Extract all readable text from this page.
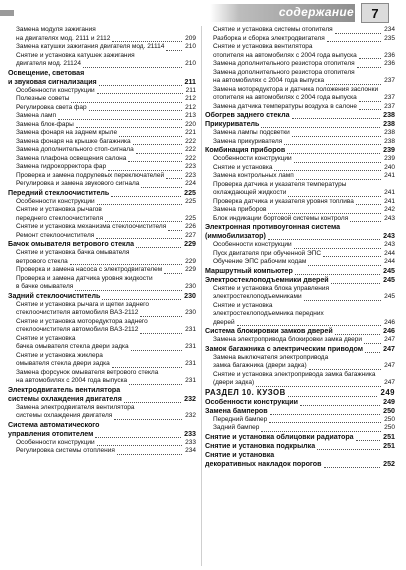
содержание	7
Замена модуля зажигания
на двигателях мод. 2111 и 2112	209
Замена катушки зажигания двигателя мод. 21114	210
Снятие и установка катушек зажигания
двигателя мод. 21124	210
Освещение, световая
и звуковая сигнализация	211
Особенности конструкции	211
Полезные советы	212
Регулировка света фар	212
Замена ламп	213
Замена блок-фары	220
Замена фонаря на заднем крыле	221
Замена фонаря на крышке багажника	222
Замена дополнительного стоп-сигнала	222
Замена плафона освещения салона	222
Замена гидрокорректора фар	223
Проверка и замена подрулевых переключателей	223
Регулировка и замена звукового сигнала	224
Передний стеклоочиститель	225
Особенности конструкции	225
Снятие и установка рычагов
переднего стеклоочистителя	225
Снятие и установка механизма стеклоочистителя	226
Ремонт стеклоочистителя	227
Бачок омывателя ветрового стекла	229
Снятие и установка бачка омывателя
ветрового стекла	229
Проверка и замена насоса с электродвигателем	229
Проверка и замена датчика уровня жидкости
в бачке омывателя	230
Задний стеклоочиститель	230
Снятие и установка рычага и щетки заднего
стеклоочистителя автомобиля ВАЗ-2112	230
Снятие и установка моторедуктора заднего
стеклоочистителя автомобиля ВАЗ-2112	231
Снятие и установка
бачка омывателя стекла двери задка	231
Снятие и установка жиклера
омывателя стекла двери задка	231
Замена форсунок омывателя ветрового стекла
на автомобилях с 2004 года выпуска	231
Электродвигатель вентилятора
системы охлаждения двигателя	232
Замена электродвигателя вентилятора
системы охлаждения двигателя	232
Система автоматического
управления отопителем	233
Особенности конструкции	233
Регулировка системы отопления	234
Снятие и установка системы отопителя	234
Разборка и сборка электродвигателя	235
Снятие и установка вентилятора
отопителя на автомобилях с 2004 года выпуска	236
Замена дополнительного резистора отопителя	236
Замена дополнительного резистора отопителя
на автомобилях с 2004 года выпуска	237
Замена моторедуктора и датчика положения заслонки
отопителя на автомобилях с 2004 года выпуска	237
Замена датчика температуры воздуха в салоне	237
Обогрев заднего стекла	238
Прикуриватель	238
Замена лампы подсветки	238
Замена прикуривателя	238
Комбинация приборов	239
Особенности конструкции	239
Снятие и установка	240
Замена контрольных ламп	241
Проверка датчика и указателя температуры
охлаждающей жидкости	241
Проверка датчика и указателя уровня топлива	241
Замена приборов	242
Блок индикации бортовой системы контроля	243
Электронная противоугонная система
(иммобилизатор)	243
Особенности конструкции	243
Пуск двигателя при обученной ЭПС	244
Обучение ЭПС рабочим кодам	244
Маршрутный компьютер	245
Электростеклоподъемники дверей	245
Снятие и установка блока управления
электростеклоподъемниками	245
Снятие и установка
электростеклоподъемника передних
дверей	246
Система блокировки замков дверей	246
Замена электропривода блокировки замка двери	247
Замок багажника с электрическим приводом	247
Замена выключателя электропривода
замка багажника (двери задка)	247
Снятие и установка электропривода замка багажника
(двери задка)	247
РАЗДЕЛ 10. КУЗОВ	249
Особенности конструкции	249
Замена бамперов	250
Передний бампер	250
Задний бампер	250
Снятие и установка облицовки радиатора	251
Снятие и установка подкрылка	251
Снятие и установка
декоративных накладок порогов	252
